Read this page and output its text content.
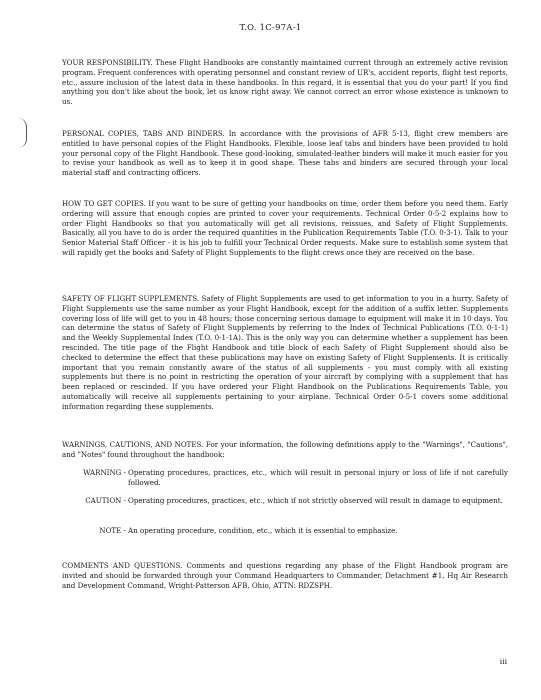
T.O. 1C-97A-1

YOUR RESPONSIBILITY. These Flight Handbooks are constantly maintained current through an extremely active revision program. Frequent conferences with operating personnel and constant review of UR's, accident reports, flight test reports, etc., assure inclusion of the latest data in these handbooks. In this regard, it is essential that you do your part! If you find anything you don't like about the book, let us know right away. We cannot correct an error whose existence is unknown to us.

PERSONAL COPIES, TABS AND BINDERS. In accordance with the provisions of AFR 5-13, flight crew members are entitled to have personal copies of the Flight Handbooks. Flexible, loose leaf tabs and binders have been provided to hold your personal copy of the Flight Handbook. These good-looking, simulated-leather binders will make it much easier for you to revise your handbook as well as to keep it in good shape. These tabs and binders are secured through your local material staff and contracting officers.

HOW TO GET COPIES. If you want to be sure of getting your handbooks on time, order them before you need them. Early ordering will assure that enough copies are printed to cover your requirements. Technical Order 0-5-2 explains how to order Flight Handbooks so that you automatically will get all revisions, reissues, and Safety of Flight Supplements. Basically, all you have to do is order the required quantities in the Publication Requirements Table (T.O. 0-3-1). Talk to your Senior Material Staff Officer - it is his job to fulfill your Technical Order requests. Make sure to establish some system that will rapidly get the books and Safety of Flight Supplements to the flight crews once they are received on the base.

SAFETY OF FLIGHT SUPPLEMENTS. Safety of Flight Supplements are used to get information to you in a hurry. Safety of Flight Supplements use the same number as your Flight Handbook, except for the addition of a suffix letter. Supplements covering loss of life will get to you in 48 hours; those concerning serious damage to equipment will make it in 10 days. You can determine the status of Safety of Flight Supplements by referring to the Index of Technical Publications (T.O. 0-1-1) and the Weekly Supplemental Index (T.O. 0-1-1A). This is the only way you can determine whether a supplement has been rescinded. The title page of the Flight Handbook and title block of each Safety of Flight Supplement should also be checked to determine the effect that these publications may have on existing Safety of Flight Supplements. It is critically important that you remain constantly aware of the status of all supplements - you must comply with all existing supplements but there is no point in restricting the operation of your aircraft by complying with a supplement that has been replaced or rescinded. If you have ordered your Flight Handbook on the Publications Requirements Table, you automatically will receive all supplements pertaining to your airplane. Technical Order 0-5-1 covers some additional information regarding these supplements.

WARNINGS, CAUTIONS, AND NOTES. For your information, the following definitions apply to the "Warnings", "Cautions", and "Notes" found throughout the handbook:

WARNING - Operating procedures, practices, etc., which will result in personal injury or loss of life if not carefully followed.
CAUTION - Operating procedures, practices, etc., which if not strictly observed will result in damage to equipment.
NOTE - An operating procedure, condition, etc., which it is essential to emphasize.

COMMENTS AND QUESTIONS. Comments and questions regarding any phase of the Flight Handbook program are invited and should be forwarded through your Command Headquarters to Commander, Detachment #1, Hq Air Research and Development Command, Wright-Patterson AFB, Ohio, ATTN: RDZSPH.

iii
